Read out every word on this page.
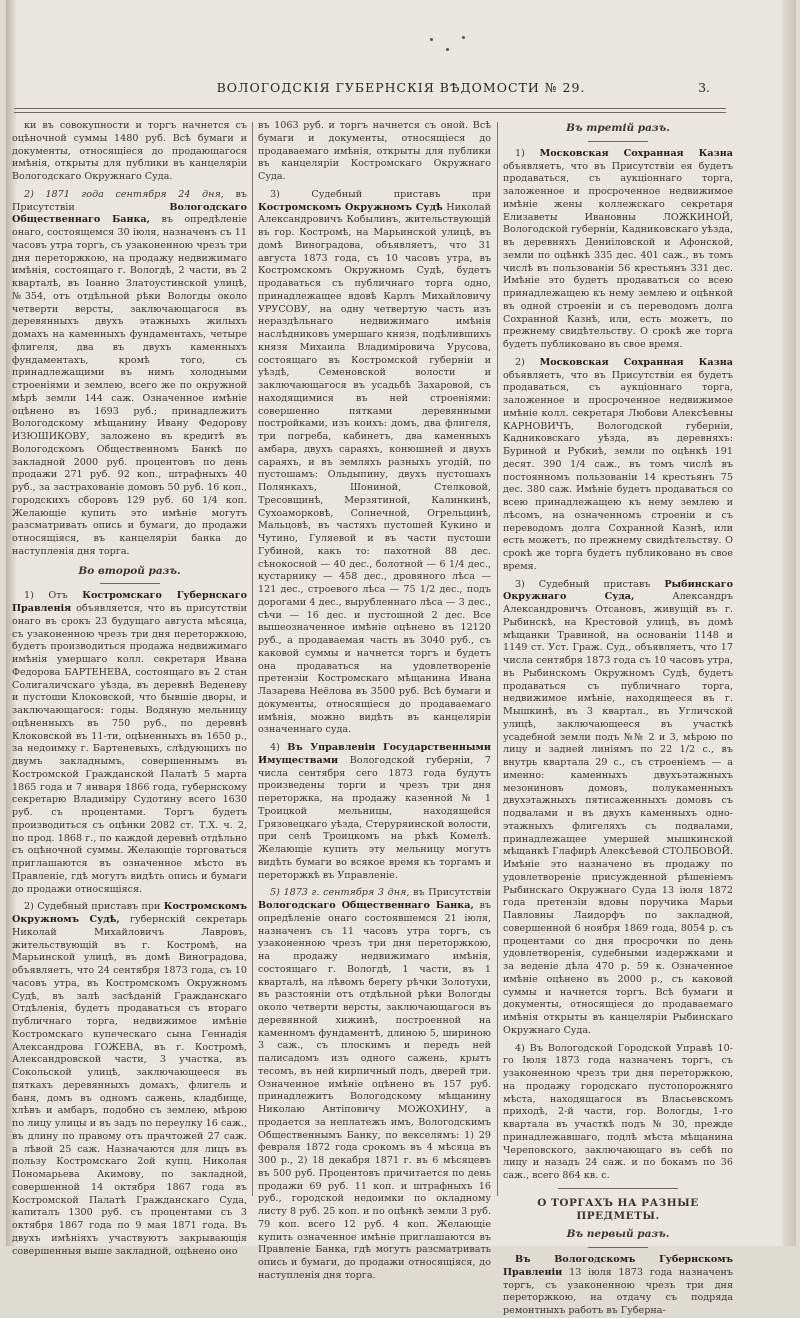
ВОЛОГОДСКІЯ ГУБЕРНСКІЯ ВѢДОМОСТИ № 29.	3.

ки въ совокупности и торгъ начнется съ оцѣночной суммы 1480 руб. Всѣ бумаги и документы, относящіеся до продающагося имѣнія, открыты для публики въ канцеляріи Вологодскаго Окружнаго Суда.

2) 1871 года сентября 24 дня, въ Присутствіи	Вологодскаго Общественнаго Банка, въ опредѣленіе онаго, состоящемся 30 іюля, назначенъ съ 11 часовъ утра торгъ, съ узаконенною чрезъ три дня переторжкою, на продажу недвижимаго имѣнія, состоящаго г. Вологдѣ, 2 части, въ 2 кварталѣ, въ Іоанно Златоустинской улицѣ, №354, отъ отдѣльной рѣки Вологды около четверти версты, заключающагося въ деревянныхъ двухъ этажныхъ жилыхъ домахъ на каменныхъ фундаментахъ, четыре флигеля, два въ двухъ каменныхъ фундаментахъ, кромѣ того, съ принадлежащими въ нимъ холодными строеніями и землею, всего же по окружной мѣрѣ земли 144 саж. Означенное имѣніе оцѣнено въ 1693 руб.; принадлежитъ Вологодскому мѣщанину Ивану Федорову ИЗЮШИКОВУ, заложено въ кредитѣ въ Вологодскомъ Общественномъ Банкѣ по закладной 2000 руб. процентовъ по день продажи 271 руб. 92 коп., штрафныхъ 40 руб., за застрахованіе домовъ 50 руб. 16 коп., городскихъ сборовъ 129 руб. 60 1/4 коп. Желающіе купить это имѣніе могутъ разсматривать опись и бумаги, до продажи относящіяся, въ канцеляріи банка до наступленія дня торга.

Во второй разъ.

1) Отъ Костромскаго Губернскаго Правленія объявляется, что въ присутствіи онаго въ срокъ 23 будущаго августа мѣсяца, съ узаконенною чрезъ три дня переторжкою, будетъ производиться продажа недвижимаго имѣнія умершаго колл. секретаря Ивана Федорова БАРТЕНЕВА, состоящаго въ 2 стан Солигаличскаго уѣзда, въ деревнѣ Веденеву и пустоши Клоковской, что бывшіе дворы, и заключающагося: годы. Водяную мельницу оцѣненныхъ въ 750 руб., по деревнѣ Клоковской въ 11-ти, оцѣненныхъ въ 1650 р., за недоимку г. Бартеневыхъ, слѣдующихъ по двумъ закладнымъ, совершеннымъ въ Костромской Гражданской Палатѣ 5 марта 1865 года и 7 января 1866 года, губернскому секретарю Владиміру Судотину всего 1630 руб. съ процентами. Торгъ будетъ производиться съ оцѣнки 2082 ст. Т.Х. ч. 2, по прод. 1868 г., по каждой деревнѣ отдѣльно съ оцѣночной суммы. Желающіе торговаться приглашаются въ означенное мѣсто въ Правленіе, гдѣ могутъ видѣть опись и бумаги до продажи относящіяся.

2) Судебный приставъ при Костромскомъ Окружномъ Судѣ, губернскій секретарь Николай Михайловичъ Лавровъ, жительствующій въ г. Костромѣ, на Марьинской улицѣ, въ домѣ Виноградова, объявляетъ, что 24 сентября 1873 года, съ 10 часовъ утра, въ Костромскомъ Окружномъ Судѣ, въ залѣ засѣданій Гражданскаго Отдѣленія, будетъ продаваться съ втораго публичнаго торга, недвижимое имѣніе Костромскаго купеческаго сына Геннадія Александрова ГОЖЕВА, въ г. Костромѣ, Александровской части, 3 участка, въ Сокольской улицѣ, заключающееся въ пяткахъ деревянныхъ домахъ, флигель и баня, домъ въ одномъ сажень, кладбище, хлѣвъ и амбаръ, подобно съ землею, мѣрою по лицу улицы и въ задъ по переулку 16 саж., въ длину по правому отъ прачтожей 27 саж. а лѣвой 25 саж. Назначаются для лицъ въ пользу Костромскаго 2ой купц. Николая Пономарьева Акимову, по закладной, совершенной 14 октября 1867 года въ Костромской Палатѣ Гражданскаго Суда, капиталъ 1300 руб. съ процентами съ 3 октября 1867 года по 9 мая 1871 года. Въ двухъ имѣніяхъ участвуютъ закрывающія совершенныя выше закладной, оцѣнено онo

въ 1063 руб. и торгъ начнется съ оной. Всѣ бумаги и документы, относящіеся до продаваемаго имѣнія, открыты для публики въ канцеляріи Костромскаго Окружнаго Суда.

3) Судебный приставъ при Костромскомъ Окружномъ Судѣ Николай Александровичъ Кобылинъ, жительствующій въ гор. Костромѣ, на Марьинской улицѣ, въ домѣ Виноградова, объявляетъ, что 31 августа 1873 года, съ 10 часовъ утра, въ Костромскомъ Окружномъ Судѣ, будетъ продаваться съ публичнаго торга одно, принадлежащее вдовѣ Карлъ Михайловичу УРУСОВУ, на одну четвертую часть изъ нераздѣльнаго недвижимаго имѣнія наслѣдниковъ умершаго князя, подѣлившихъ князя Михаила Владиміровича Урусова, состоящаго въ Костромской губерніи и уѣздѣ, Семеновской волости и заключающагося въ усадьбѣ Захаровой, съ находящимися въ ней строеніями: совершенно пятками деревянными постройками, изъ коихъ: домъ, два флигеля, три погреба, кабинетъ, два каменныхъ амбара, двухъ сараяхъ, конюшней и двухъ сараяхъ, и въ земляхъ разныхъ угодій, по пустошамъ: Ольдыпину, двухъ пустошахъ Полянкахъ, Шониной, Стелковой, Тресовщинѣ, Мерзятиной, Калинкинѣ, Сухоаморковѣ, Солнечной, Огрельцинѣ, Мальцовѣ, въ частяхъ пустошей Кукино и Чутино, Гуляевой и въ части пустоши Губиной, какъ то: пахотной 88 дес. сѣнокосной — 40 дес., болотной — 6 1/4 дес., кустарнику — 458 дес., дровяного лѣса — 121 дес., строевого лѣса — 75 1/2 дес., подъ дорогами 4 дес., вырубленнаго лѣса — 3 дес., сѣчи — 16 дес. и пустошной 2 дес. Все вышеозначенное имѣніе оцѣнено въ 12120 руб., а продаваемая часть въ 3040 руб., съ каковой суммы и начнется торгъ и будетъ она продаваться на удовлетвореніе претензіи Костромскаго мѣщанина Ивана Лазарева Неёлова въ 3500 руб. Всѣ бумаги и документы, относящіеся до продаваемаго имѣнія, можно видѣть въ канцеляріи означеннаго суда.

4) Въ Управленіи Государственными Имуществами Вологодской губерніи, 7 числа сентября сего 1873 года будутъ произведены торги и чрезъ три дня переторжка, на продажу казенной № 1 Троицкой мельницы, находящейся Грязовецкаго уѣзда, Стеруряинской волости, при селѣ Троицкомъ на рѣкѣ Комелѣ. Желающіе купить эту мельницу могутъ видѣть бумаги во всякое время къ торгамъ и переторжкѣ въ Управленіе.

5) 1873 г. сентября 3 дня, въ Присутствіи Вологодскаго Общественнаго Банка, въ опредѣленіе онаго состоявшемся 21 іюля, назначенъ съ 11 часовъ утра торгъ, съ узаконенною чрезъ три дня переторжкою, на продажу недвижимаго имѣнія, состоящаго г. Вологдѣ, 1 части, въ 1 кварталѣ, на лѣвомъ берегу рѣчки Золотухи, въ разстояніи отъ отдѣльной рѣки Вологды около четверти версты, заключающагося въ деревянной хижинѣ, построенной на каменномъ фундаментѣ, длиною 5, шириною 3 саж., съ плоскимъ и передъ ней палисадомъ изъ одного сажень, крытъ тесомъ, въ ней кирпичный подъ, дверей три. Означенное имѣніе оцѣнено въ 157 руб. принадлежитъ Вологодскому мѣщанину Николаю Антіповичу МОЖОХИНУ, а продается за неплатежъ имъ, Вологодскимъ Общественнымъ Банку, по векселямъ: 1) 29 февраля 1872 года срокомъ въ 4 мѣсяца въ 300 р., 2) 18 декабря 1871 г. въ 6 мѣсяцевъ въ 500 руб. Процентовъ причитается по день продажи 69 руб. 11 коп. и штрафныхъ 16 руб., городской недоимки по окладному листу 8 руб. 25 коп. и по оцѣнкѣ земли 3 руб. 79 коп. всего 12 руб. 4 коп. Желающіе купить означенное имѣніе приглашаются въ Правленіе Банка, гдѣ могутъ разсматривать опись и бумаги, до продажи относящіяся, до наступленія дня торга.

Въ третій разъ.

1) Московская Сохранная Казна объявляетъ, что въ Присутствіи ея будетъ продаваться, съ аукціоннаго торга, заложенное и просроченное недвижимое имѣніе жены коллежскаго секретаря Елизаветы Ивановны ЛОЖКИНОЙ, Вологодской губерніи, Кадниковскаго уѣзда, въ деревняхъ Дениіловской и Афонской, земли по оцѣнкѣ 335 дес. 401 саж., въ томъ числѣ въ пользованіи 56 крестьянъ 331 дес. Имѣніе это будетъ продаваться со всею принадлежащею къ нему землею и оцѣнкой въ одной строеніи и съ переводомъ долга Сохранной Казнѣ, или, есть можетъ, по прежнему свидѣтельству. О срокѣ же торга будетъ публиковано въ свое время.

2) Московская Сохранная Казна объявляетъ, что въ Присутствіи ея будетъ продаваться, съ аукціоннаго торга, заложенное и просроченное недвижимое имѣніе колл. секретаря Любови Алексѣевны КАРНОВИЧЪ, Вологодской губерніи, Кадниковскаго уѣзда, въ деревняхъ: Буриной и Рубкиѣ, земли по оцѣнкѣ 191 десят. 390 1/4 саж., въ томъ числѣ въ постоянномъ пользованіи 14 крестьянъ 75 дес. 380 саж. Имѣніе будетъ продаваться со всею принадлежащею къ нему землею и лѣсомъ, на означенномъ строеніи и съ переводомъ долга Сохранной Казнѣ, или есть можетъ, по прежнему свидѣтельству. О срокѣ же торга будетъ публиковано въ свое время.

3) Судебный приставъ Рыбинскаго Окружнаго Суда,	Александръ Александровичъ Отсановъ, живущій въ г. Рыбинскѣ, на Крестовой улицѣ, въ домѣ мѣщанки Травиной, на основаніи 1148 и 1149 ст. Уст. Граж. Суд., объявляетъ, что 17 числа сентября 1873 года съ 10 часовъ утра, въ Рыбинскомъ Окружномъ Судѣ, будетъ продаваться съ публичнаго торга, недвижимое имѣніе, находящееся въ г. Мышкинѣ, въ 3 квартал., въ Угличской улицѣ, заключающееся въ участкѣ усадебной земли подъ №№ 2 и 3, мѣрою по лицу и задней линіямъ по 22 1/2 с., въ внутрь квартала 29 с., съ строеніемъ — а именно: каменныхъ двухъэтажныхъ мезониновъ домовъ, полукаменныхъ двухэтажныхъ пятисаженныхъ домовъ съ подвалами и въ двухъ каменныхъ одно-этажныхъ флигеляхъ съ подвалами, принадлежащее умершей мышкинской мѣщанкѣ Глафирѣ Алексѣевой СТОЛБОВОЙ. Имѣніе это назначено въ продажу по удовлетвореніе присужденной рѣшеніемъ Рыбинскаго Окружнаго Суда 13 іюля 1872 года претензіи вдовы поручика Марьи Павловны Лаидорфъ по закладной, совершенной 6 ноября 1869 года, 8054 р. съ процентами со дня просрочки по день удовлетворенія, судебными издержками и за веденіе дѣла 470 р. 59 к. Означенное имѣніе оцѣнено въ 2000 р., съ каковой суммы и начнется торгъ. Всѣ бумаги и документы, относящіеся до продаваемаго имѣнія открыты въ канцеляріи Рыбинскаго Окружнаго Суда.

4) Въ Вологодской Городской Управѣ 10-го Іюля 1873 года назначенъ торгъ, съ узаконенною чрезъ три дня переторжкою, на продажу городскаго пустопорожняго мѣста, находящагося въ Власьевскомъ приходѣ, 2-й части, гор. Вологды, 1-го квартала въ участкѣ подъ № 30, прежде принадлежавшаго, подлѣ мѣста мѣщанина Череповского, заключающаго въ себѣ по лицу и назадъ 24 саж. и по бокамъ по 36 саж., всего 864 кв. с.

О ТОРГАХЪ НА РАЗНЫЕ ПРЕДМЕТЫ.
Въ первый разъ.

Въ Вологодскомъ Губернскомъ Правленіи 13 іюля 1873 года назначенъ торгъ, съ узаконенною чрезъ три дня переторжкою, на отдачу съ подряда ремонтныхъ работъ въ Губерна-
